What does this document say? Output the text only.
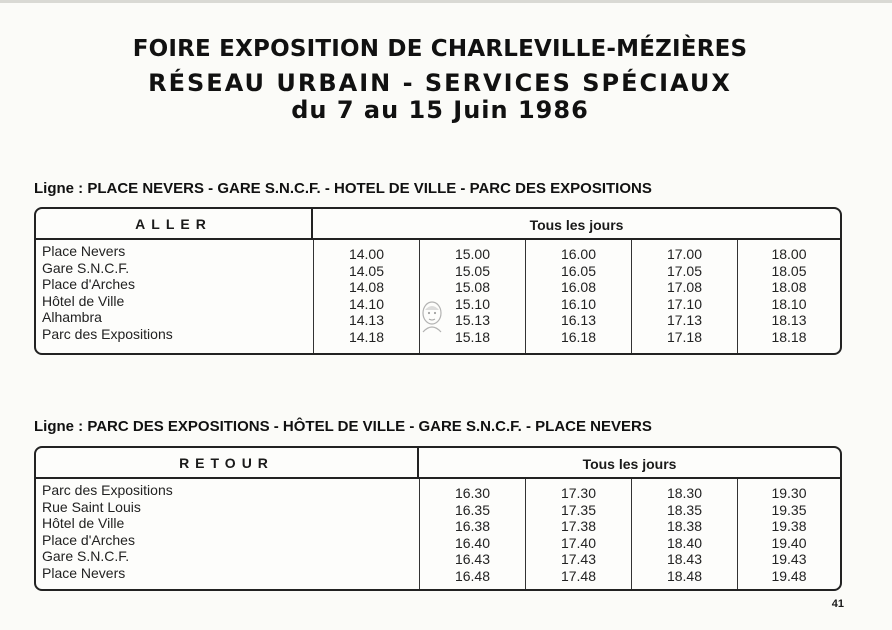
FOIRE EXPOSITION DE CHARLEVILLE-MÉZIÈRES
RÉSEAU URBAIN - SERVICES SPÉCIAUX
du 7 au 15 Juin 1986
Ligne : PLACE NEVERS - GARE S.N.C.F. - HOTEL DE VILLE - PARC DES EXPOSITIONS
ALLER	Tous les jours
Place Nevers
Gare S.N.C.F.
Place d'Arches
Hôtel de Ville
Alhambra
Parc des Expositions
14.00
14.05
14.08
14.10
14.13
14.18
15.00
15.05
15.08
15.10
15.13
15.18
16.00
16.05
16.08
16.10
16.13
16.18
17.00
17.05
17.08
17.10
17.13
17.18
18.00
18.05
18.08
18.10
18.13
18.18
Ligne : PARC DES EXPOSITIONS - HÔTEL DE VILLE - GARE S.N.C.F. - PLACE NEVERS
RETOUR	Tous les jours
Parc des Expositions
Rue Saint Louis
Hôtel de Ville
Place d'Arches
Gare S.N.C.F.
Place Nevers
16.30
16.35
16.38
16.40
16.43
16.48
17.30
17.35
17.38
17.40
17.43
17.48
18.30
18.35
18.38
18.40
18.43
18.48
19.30
19.35
19.38
19.40
19.43
19.48
41
